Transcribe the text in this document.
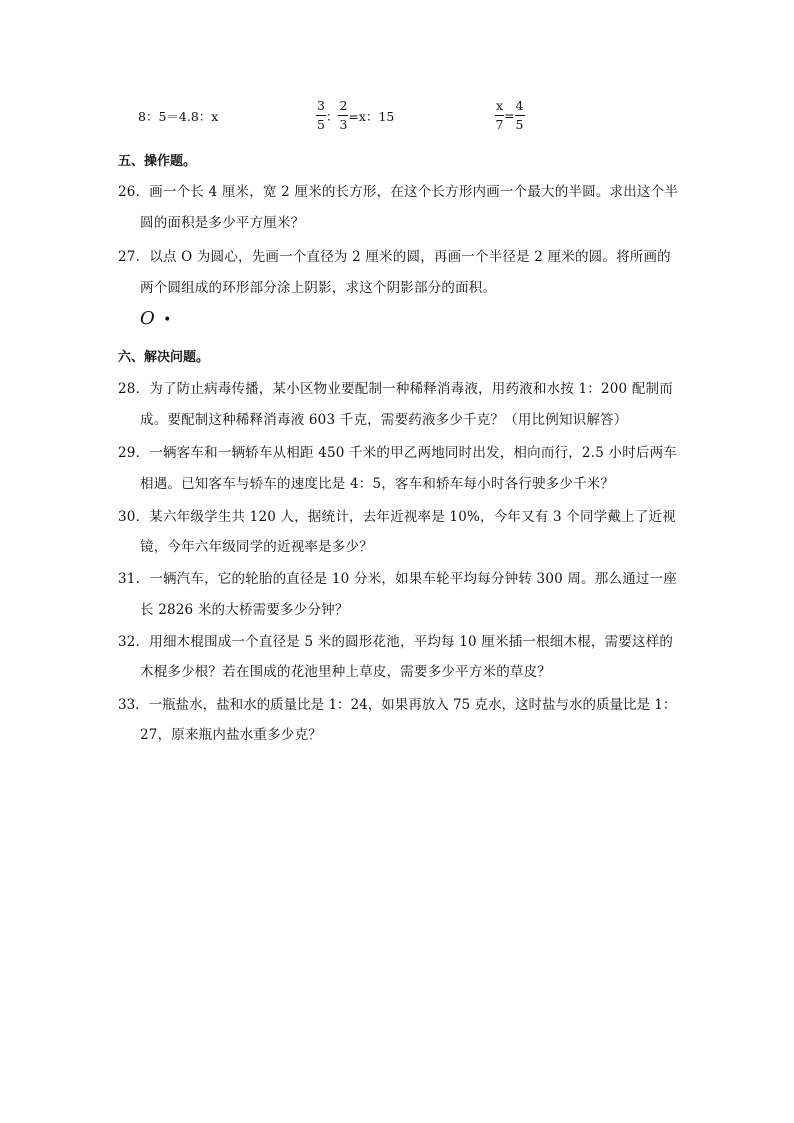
8：5＝4.8：x	$\frac{3}{5}$ ： $\frac{2}{3} =x$：15	$\frac{x}{7} = \frac{4}{5}$
五、操作题。
26．画一个长 4 厘米，宽 2 厘米的长方形，在这个长方形内画一个最大的半圆。求出这个半
圆的面积是多少平方厘米？
27．以点 O 为圆心，先画一个直径为 2 厘米的圆，再画一个半径是 2 厘米的圆。将所画的
两个圆组成的环形部分涂上阴影，求这个阴影部分的面积。
O •
六、解决问题。
28．为了防止病毒传播，某小区物业要配制一种稀释消毒液，用药液和水按 1：200 配制而
成。要配制这种稀释消毒液 603 千克，需要药液多少千克？（用比例知识解答）
29．一辆客车和一辆轿车从相距 450 千米的甲乙两地同时出发，相向而行，2.5 小时后两车
相遇。已知客车与轿车的速度比是 4：5，客车和轿车每小时各行驶多少千米？
30．某六年级学生共 120 人，据统计，去年近视率是 10%，今年又有 3 个同学戴上了近视
镜，今年六年级同学的近视率是多少？
31．一辆汽车，它的轮胎的直径是 10 分米，如果车轮平均每分钟转 300 周。那么通过一座
长 2826 米的大桥需要多少分钟？
32．用细木棍围成一个直径是 5 米的圆形花池，平均每 10 厘米插一根细木棍，需要这样的
木棍多少根？若在围成的花池里种上草皮，需要多少平方米的草皮？
33．一瓶盐水，盐和水的质量比是 1：24，如果再放入 75 克水，这时盐与水的质量比是 1：
27，原来瓶内盐水重多少克？
